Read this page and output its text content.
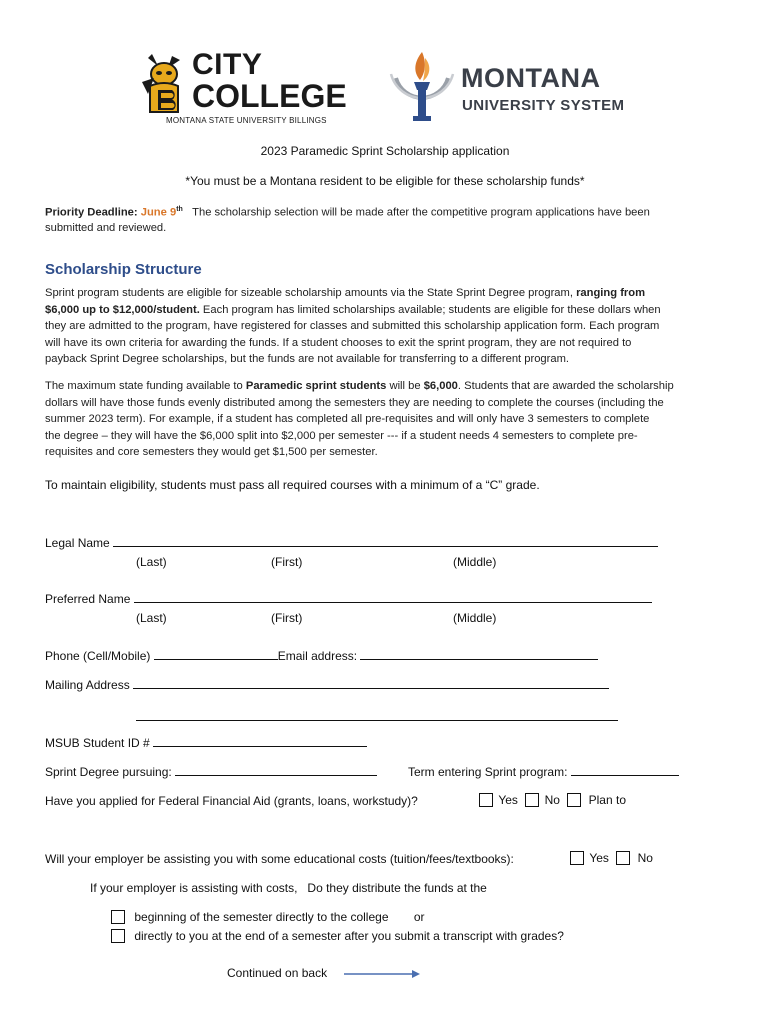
CITY
COLLEGE
MONTANA STATE UNIVERSITY BILLINGS
MONTANA
UNIVERSITY SYSTEM
2023 Paramedic Sprint Scholarship application
*You must be a Montana resident to be eligible for these scholarship funds*
Priority Deadline: June 9th The scholarship selection will be made after the competitive program applications have been
submitted and reviewed.
Scholarship Structure

Sprint program students are eligible for sizeable scholarship amounts via the State Sprint Degree program, ranging from

$6,000 up to $12,000/student. Each program has limited scholarships available; students are eligible for these dollars when

they are admitted to the program, have registered for classes and submitted this scholarship application form. Each program

will have its own criteria for awarding the funds. If a student chooses to exit the sprint program, they are not required to

payback Sprint Degree scholarships, but the funds are not available for transferring to a different program.

The maximum state funding available to Paramedic sprint students will be $6,000. Students that are awarded the scholarship

dollars will have those funds evenly distributed among the semesters they are needing to complete the courses (including the

summer 2023 term). For example, if a student has completed all pre-requisites and will only have 3 semesters to complete

the degree – they will have the $6,000 split into $2,000 per semester --- if a student needs 4 semesters to complete pre-

requisites and core semesters they would get $1,500 per semester.

To maintain eligibility, students must pass all required courses with a minimum of a “C” grade.
Legal Name
(Last)	(First)	(Middle)
Preferred Name
(Last)	(First)	(Middle)
Phone (Cell/Mobile)	Email address:
Mailing Address
MSUB Student ID #
Sprint Degree pursuing:	Term entering Sprint program:
Have you applied for Federal Financial Aid (grants, loans, workstudy)?	Yes No Plan to
Will your employer be assisting you with some educational costs (tuition/fees/textbooks):	Yes No
If your employer is assisting with costs,   Do they distribute the funds at the
beginning of the semester directly to the college or
directly to you at the end of a semester after you submit a transcript with grades?
Continued on back
